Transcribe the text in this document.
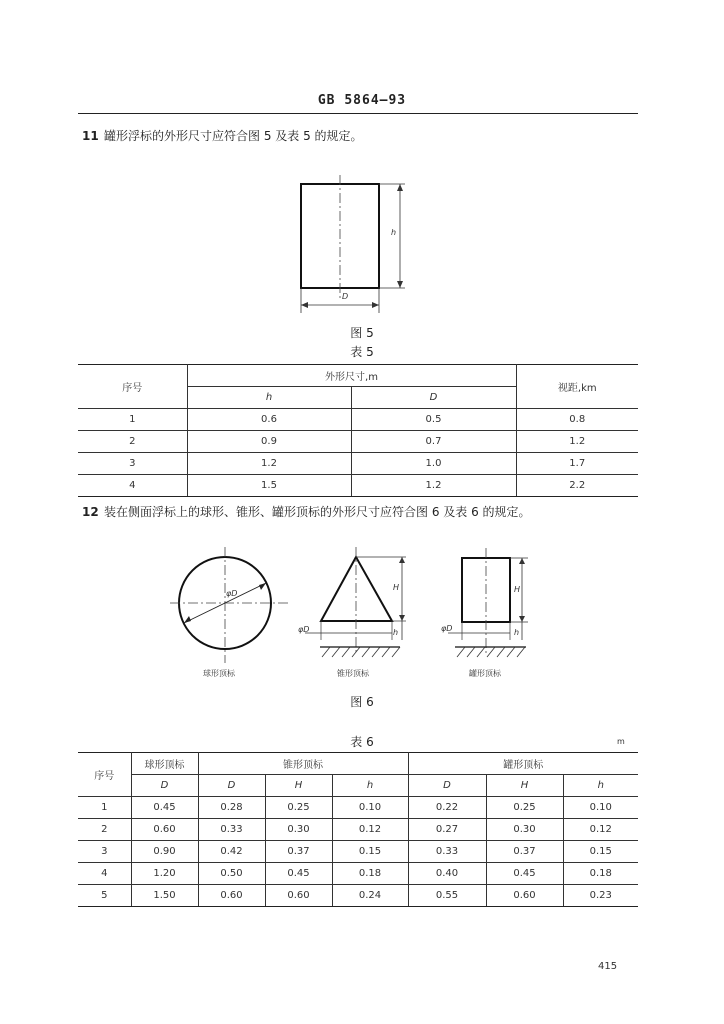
GB 5864—93
11 罐形浮标的外形尺寸应符合图 5 及表 5 的规定。
h
D
图 5
表 5
序号	外形尺寸,m		视距,km
	h	D	
1	0.6	0.5	0.8
2	0.9	0.7	1.2
3	1.2	1.0	1.7
4	1.5	1.2	2.2
12 装在侧面浮标上的球形、锥形、罐形顶标的外形尺寸应符合图 6 及表 6 的规定。
φD
球形顶标
H
h
φD
锥形顶标
H
h
φD
罐形顶标
图 6
表 6	m
序号	球形顶标	锥形顶标			罐形顶标		
	D	D	H	h	D	H	h
1	0.45	0.28	0.25	0.10	0.22	0.25	0.10
2	0.60	0.33	0.30	0.12	0.27	0.30	0.12
3	0.90	0.42	0.37	0.15	0.33	0.37	0.15
4	1.20	0.50	0.45	0.18	0.40	0.45	0.18
5	1.50	0.60	0.60	0.24	0.55	0.60	0.23
415
